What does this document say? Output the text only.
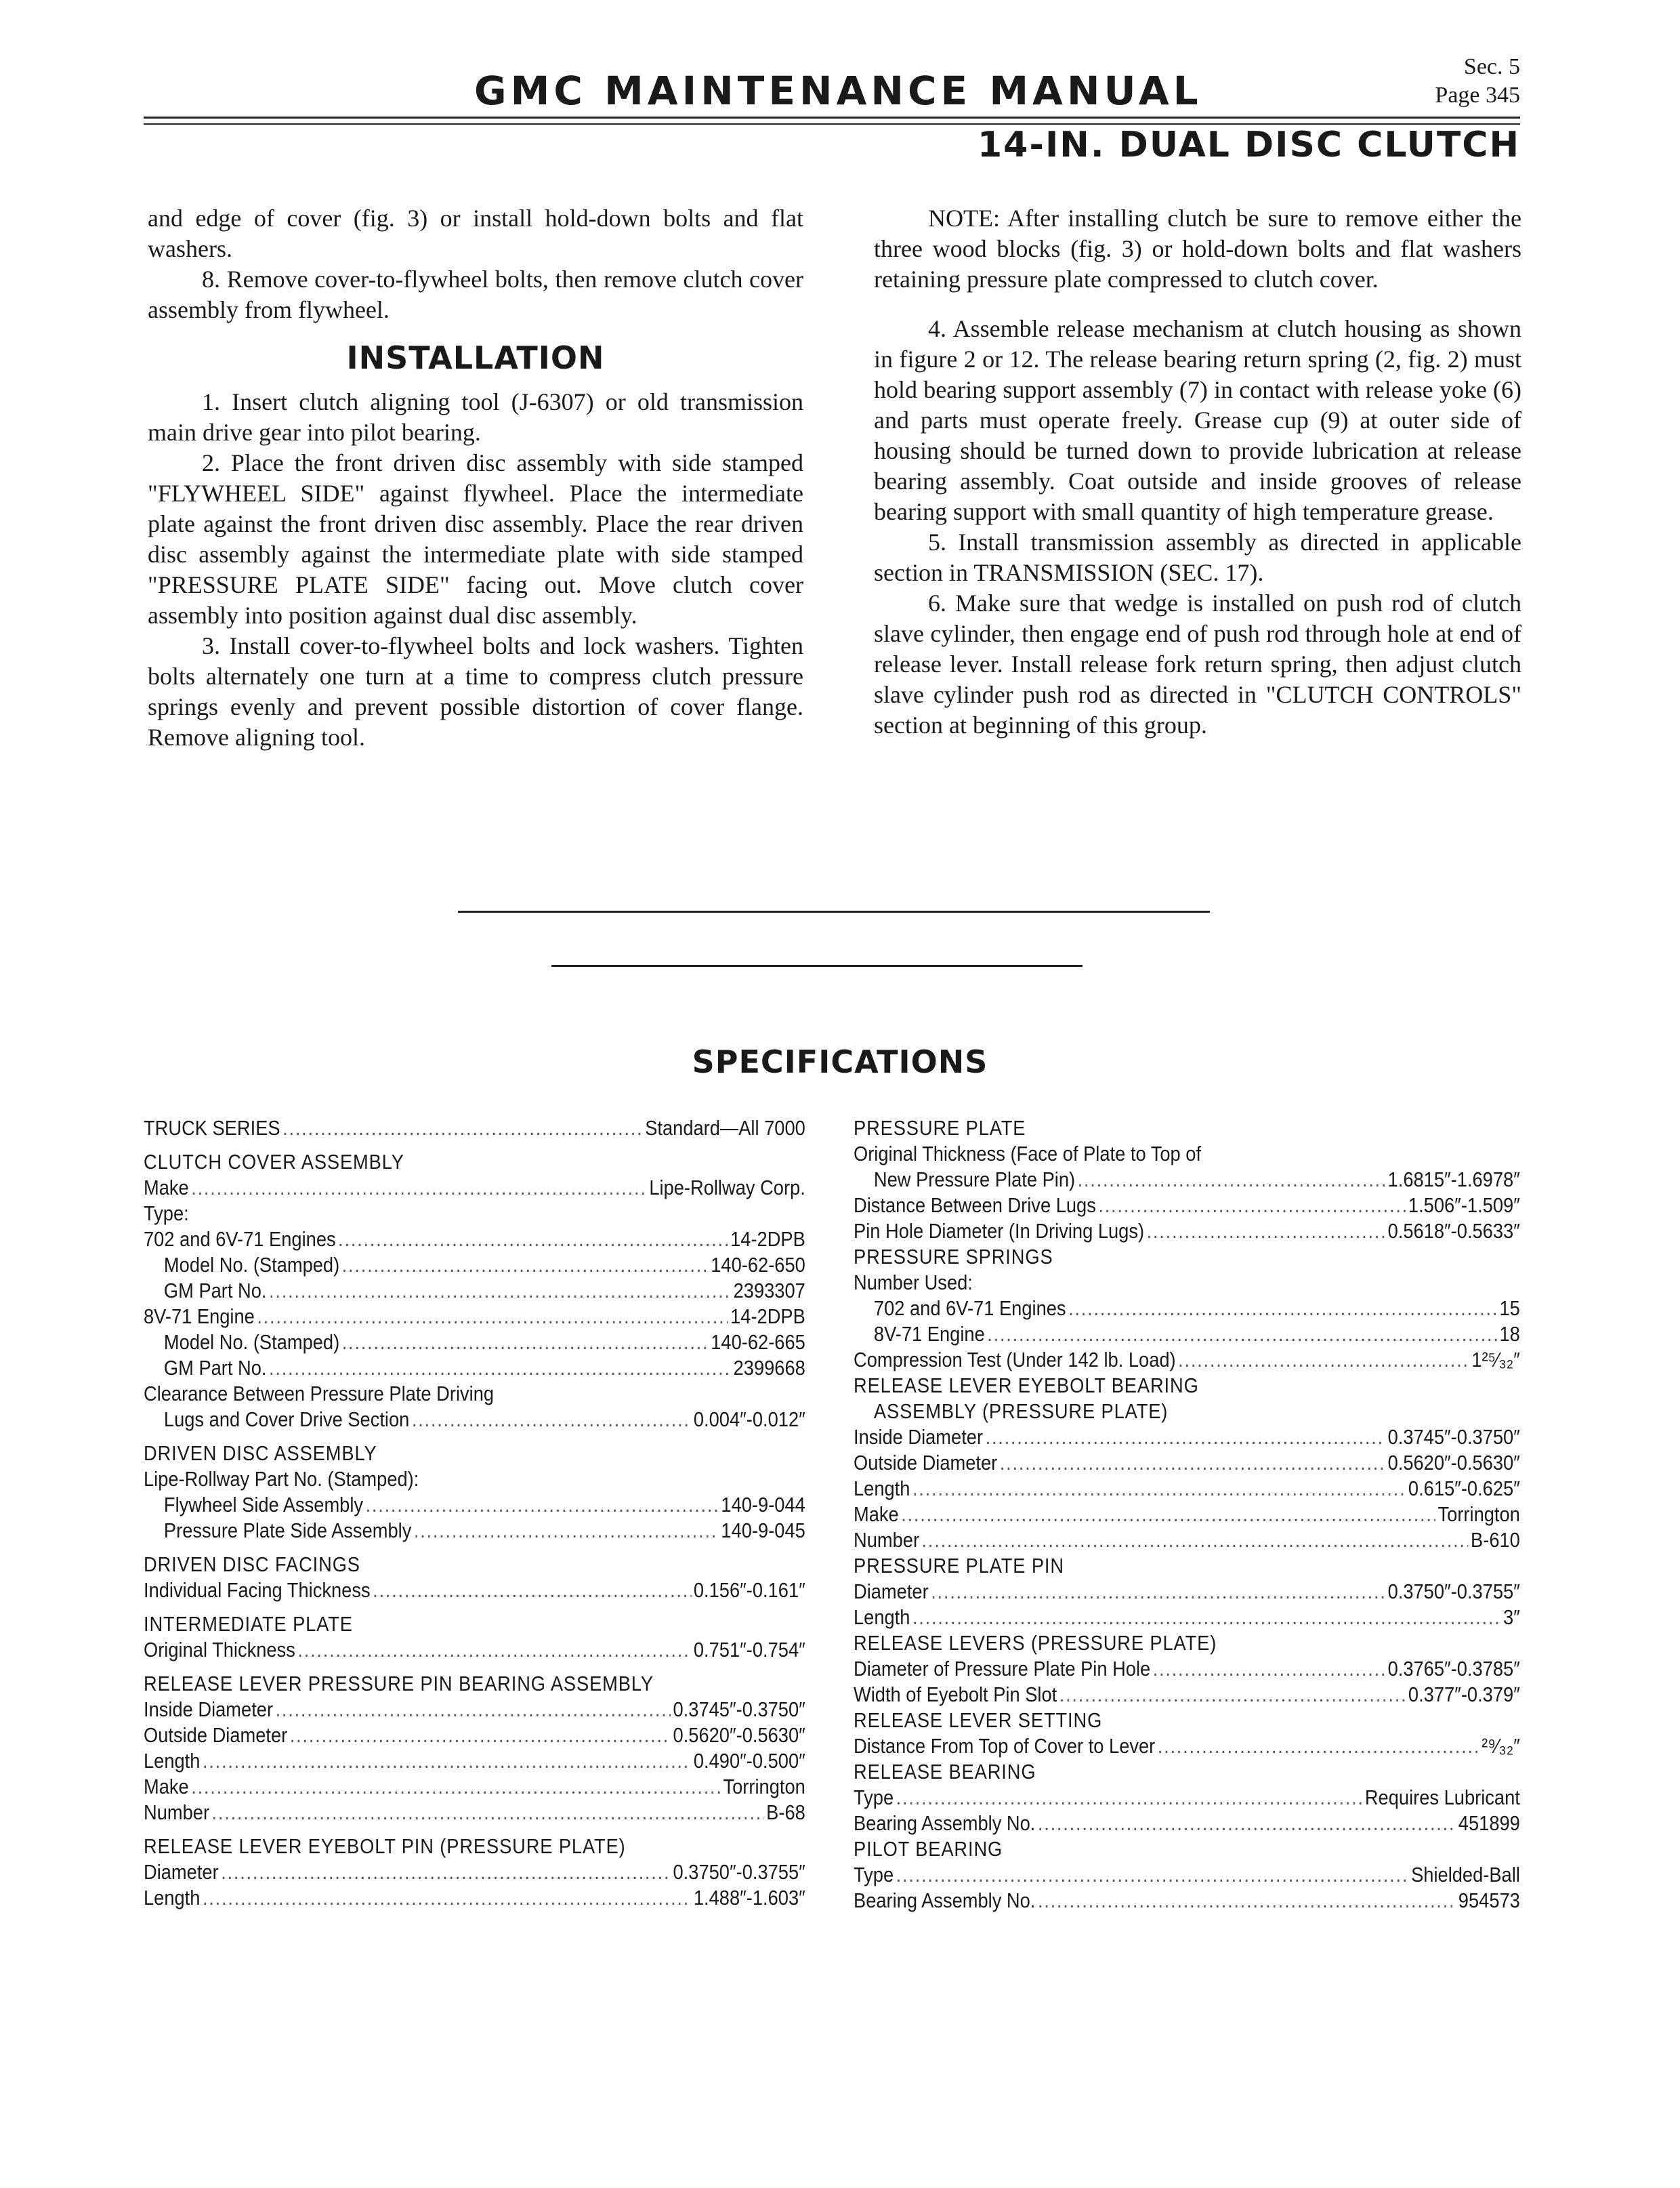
GMC MAINTENANCE MANUAL
Sec. 5
Page 345
14-IN. DUAL DISC CLUTCH

and edge of cover (fig. 3) or install hold-down bolts and flat washers.

8. Remove cover-to-flywheel bolts, then remove clutch cover assembly from flywheel.

INSTALLATION

1. Insert clutch aligning tool (J-6307) or old transmission main drive gear into pilot bearing.

2. Place the front driven disc assembly with side stamped "FLYWHEEL SIDE" against flywheel. Place the intermediate plate against the front driven disc assembly. Place the rear driven disc assembly against the intermediate plate with side stamped "PRESSURE PLATE SIDE" facing out. Move clutch cover assembly into position against dual disc assembly.

3. Install cover-to-flywheel bolts and lock washers. Tighten bolts alternately one turn at a time to compress clutch pressure springs evenly and prevent possible distortion of cover flange. Remove aligning tool.

NOTE: After installing clutch be sure to remove either the three wood blocks (fig. 3) or hold-down bolts and flat washers retaining pressure plate compressed to clutch cover.

4. Assemble release mechanism at clutch housing as shown in figure 2 or 12. The release bearing return spring (2, fig. 2) must hold bearing support assembly (7) in contact with release yoke (6) and parts must operate freely. Grease cup (9) at outer side of housing should be turned down to provide lubrication at release bearing assembly. Coat outside and inside grooves of release bearing support with small quantity of high temperature grease.

5. Install transmission assembly as directed in applicable section in TRANSMISSION (SEC. 17).

6. Make sure that wedge is installed on push rod of clutch slave cylinder, then engage end of push rod through hole at end of release lever. Install release fork return spring, then adjust clutch slave cylinder push rod as directed in "CLUTCH CONTROLS" section at beginning of this group.

SPECIFICATIONS
TRUCK SERIES .....	Standard—All 7000
CLUTCH COVER ASSEMBLY
Make .....	Lipe-Rollway Corp.
Type:
702 and 6V-71 Engines .....	14-2DPB
Model No. (Stamped) .....	140-62-650
GM Part No. .....	2393307
8V-71 Engine .....	14-2DPB
Model No. (Stamped) .....	140-62-665
GM Part No. .....	2399668
Clearance Between Pressure Plate Driving
Lugs and Cover Drive Section .....	0.004″-0.012″
DRIVEN DISC ASSEMBLY
Lipe-Rollway Part No. (Stamped):
Flywheel Side Assembly .....	140-9-044
Pressure Plate Side Assembly .....	140-9-045
DRIVEN DISC FACINGS
Individual Facing Thickness .....	0.156″-0.161″
INTERMEDIATE PLATE
Original Thickness .....	0.751″-0.754″
RELEASE LEVER PRESSURE PIN BEARING ASSEMBLY
Inside Diameter .....	0.3745″-0.3750″
Outside Diameter .....	0.5620″-0.5630″
Length .....	0.490″-0.500″
Make .....	Torrington
Number .....	B-68
RELEASE LEVER EYEBOLT PIN (PRESSURE PLATE)
Diameter .....	0.3750″-0.3755″
Length .....	1.488″-1.603″
PRESSURE PLATE
Original Thickness (Face of Plate to Top of
New Pressure Plate Pin) .....	1.6815″-1.6978″
Distance Between Drive Lugs .....	1.506″-1.509″
Pin Hole Diameter (In Driving Lugs) .....	0.5618″-0.5633″
PRESSURE SPRINGS
Number Used:
702 and 6V-71 Engines .....	15
8V-71 Engine .....	18
Compression Test (Under 142 lb. Load) .....	1²⁵⁄₃₂″
RELEASE LEVER EYEBOLT BEARING
ASSEMBLY (PRESSURE PLATE)
Inside Diameter .....	0.3745″-0.3750″
Outside Diameter .....	0.5620″-0.5630″
Length .....	0.615″-0.625″
Make .....	Torrington
Number .....	B-610
PRESSURE PLATE PIN
Diameter .....	0.3750″-0.3755″
Length .....	3″
RELEASE LEVERS (PRESSURE PLATE)
Diameter of Pressure Plate Pin Hole .....	0.3765″-0.3785″
Width of Eyebolt Pin Slot .....	0.377″-0.379″
RELEASE LEVER SETTING
Distance From Top of Cover to Lever .....	²⁹⁄₃₂″
RELEASE BEARING
Type .....	Requires Lubricant
Bearing Assembly No. .....	451899
PILOT BEARING
Type .....	Shielded-Ball
Bearing Assembly No. .....	954573
